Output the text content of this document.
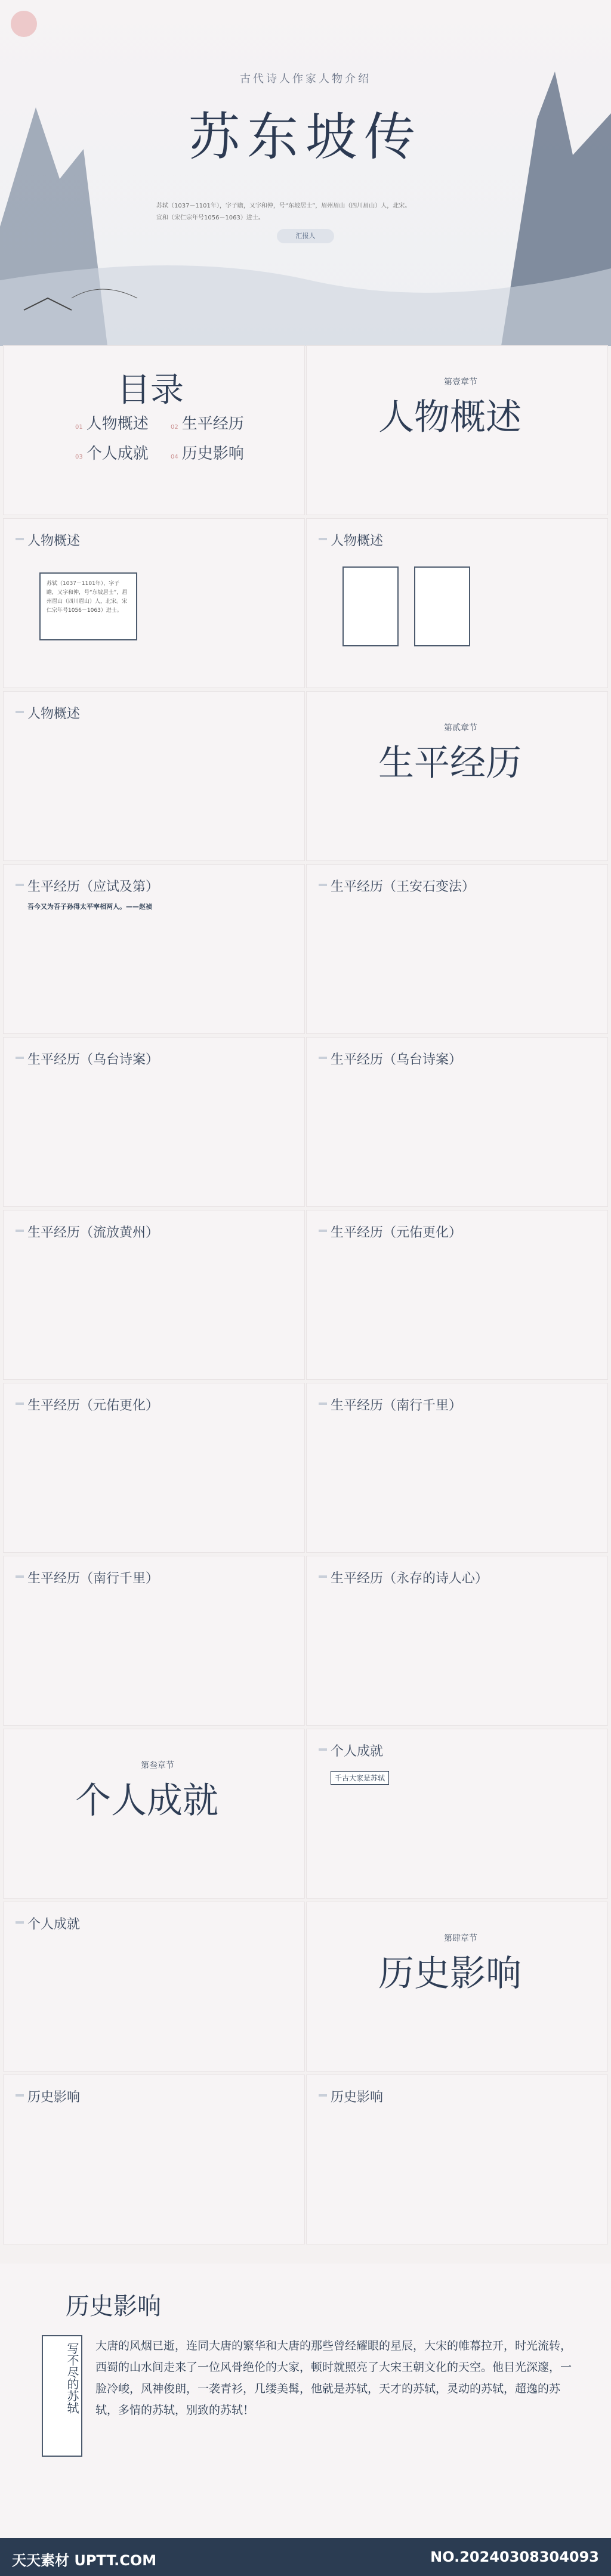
古代诗人作家人物介绍
苏东坡传
苏轼（1037－1101年），字子瞻，又字和仲，号“东坡居士”，眉州眉山（四川眉山）人，北宋。
宣和（宋仁宗年号1056－1063）进士。
汇报人
目录
01 人物概述	02 生平经历
03 个人成就	04 历史影响
第壹章节
人物概述
人物概述
苏轼（1037－1101年），字子瞻，又字和仲，号“东坡居士”，眉州眉山（四川眉山）人，北宋。宋仁宗年号1056－1063）进士。
人物概述
人物概述
第贰章节
生平经历
生平经历（应试及第）
吾今又为吾子孙得太平宰相两人。——赵祯
生平经历（王安石变法）
生平经历（乌台诗案）	生平经历（乌台诗案）
生平经历（流放黄州）	生平经历（元佑更化）
生平经历（元佑更化）	生平经历（南行千里）
生平经历（南行千里）	生平经历（永存的诗人心）
第叁章节
个人成就
个人成就
千古大家是苏轼
个人成就
第肆章节
历史影响
历史影响	历史影响
历史影响
写不尽的苏轼 大唐的风烟已逝，连同大唐的繁华和大唐的那些曾经耀眼的星辰，大宋的帷幕拉开，时光流转，西蜀的山水间走来了一位风骨绝伦的大家，顿时就照亮了大宋王朝文化的天空。他目光深邃，一脸冷峻，风神俊朗，一袭青衫，几缕美髯，他就是苏轼，天才的苏轼，灵动的苏轼，超逸的苏轼，多情的苏轼，别致的苏轼！
天天素材 UPTT.COM	NO.20240308304093
